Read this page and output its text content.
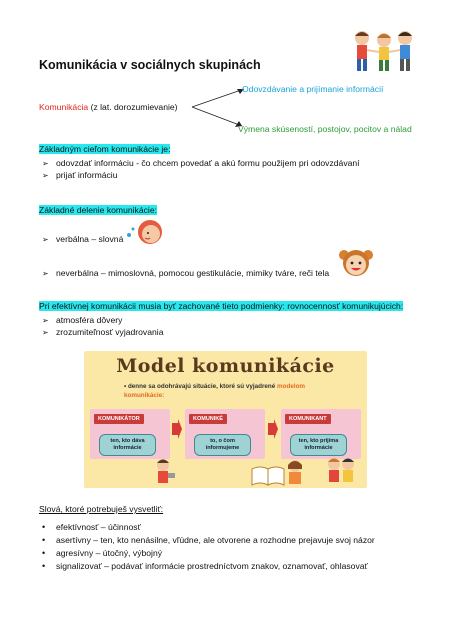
Komunikácia v sociálnych skupinách
Komunikácia (z lat. dorozumievanie)
Odovzdávanie a prijímanie informácií
Výmena skúseností, postojov, pocitov a nálad
Základným cieľom komunikácie je:
➢ odovzdať informáciu - čo chcem povedať a akú formu použijem pri odovzdávaní
➢ prijať informáciu
Základné delenie komunikácie:
➢ verbálna – slovná
➢ neverbálna – mimoslovná, pomocou gestikulácie, mimiky tváre, reči tela
Pri efektívnej komunikácii musia byť zachované tieto podmienky: rovnocennosť komunikujúcich:
➢ atmosféra dôvery
➢ zrozumiteľnosť vyjadrovania
Model komunikácie
• denne sa odohrávajú situácie, ktoré sú vyjadrené modelom komunikácie:
KOMUNIKÁTOR
ten, kto dáva informácie
KOMUNIKÉ
to, o čom informujeme
KOMUNIKANT
ten, kto prijíma informácie
Slová, ktoré potrebuješ vysvetliť:
•	efektívnosť – účinnosť
•	asertívny – ten, kto nenásilne, vľúdne, ale otvorene a rozhodne prejavuje svoj názor
•	agresívny – útočný, výbojný
•	signalizovať – podávať informácie prostredníctvom znakov, oznamovať, ohlasovať
